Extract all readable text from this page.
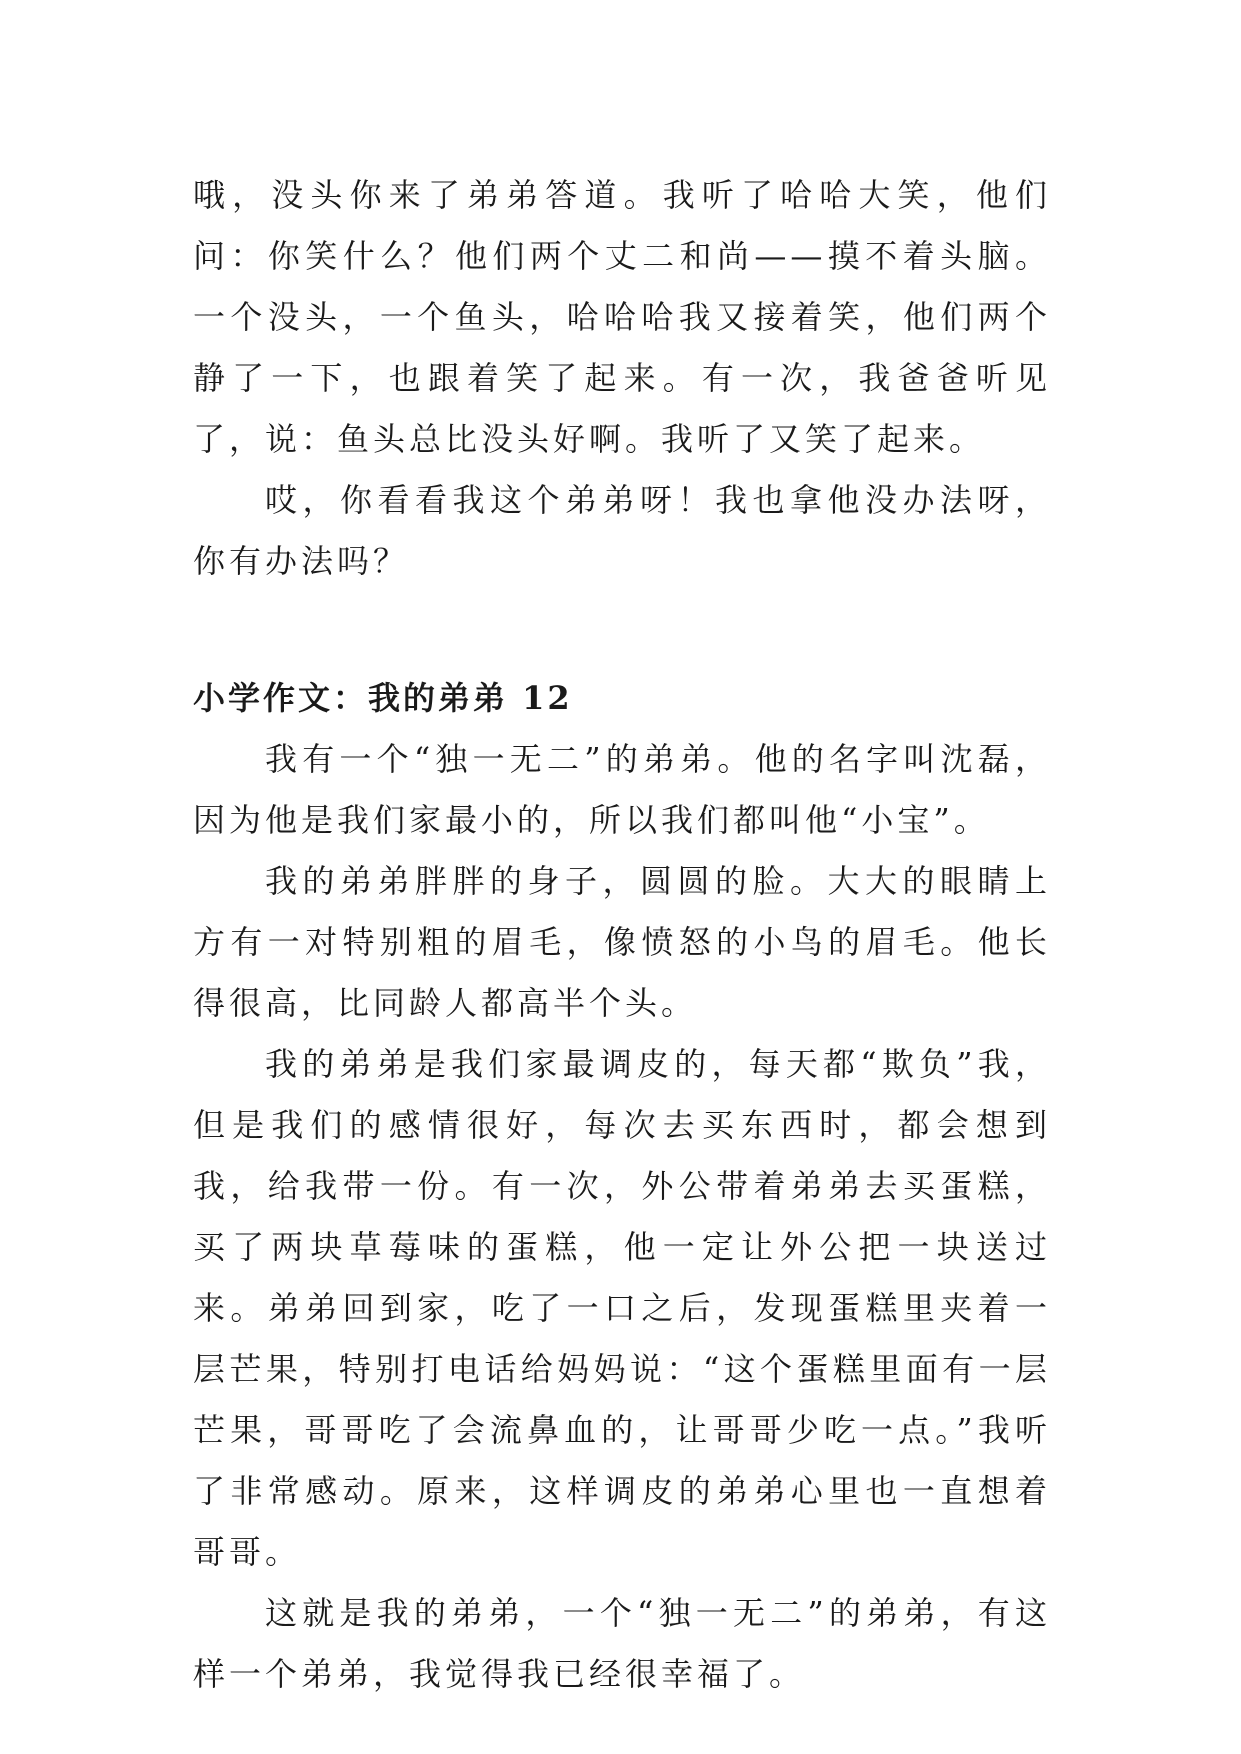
哦，没头你来了弟弟答道。我听了哈哈大笑，他们问：你笑什么？他们两个丈二和尚——摸不着头脑。一个没头，一个鱼头，哈哈哈我又接着笑，他们两个静了一下，也跟着笑了起来。有一次，我爸爸听见了，说：鱼头总比没头好啊。我听了又笑了起来。

哎，你看看我这个弟弟呀！我也拿他没办法呀，你有办法吗？

小学作文：我的弟弟 12

我有一个“独一无二”的弟弟。他的名字叫沈磊，因为他是我们家最小的，所以我们都叫他“小宝”。

我的弟弟胖胖的身子，圆圆的脸。大大的眼睛上方有一对特别粗的眉毛，像愤怒的小鸟的眉毛。他长得很高，比同龄人都高半个头。

我的弟弟是我们家最调皮的，每天都“欺负”我，但是我们的感情很好，每次去买东西时，都会想到我，给我带一份。有一次，外公带着弟弟去买蛋糕，买了两块草莓味的蛋糕，他一定让外公把一块送过来。弟弟回到家，吃了一口之后，发现蛋糕里夹着一层芒果，特别打电话给妈妈说：“这个蛋糕里面有一层芒果，哥哥吃了会流鼻血的，让哥哥少吃一点。”我听了非常感动。原来，这样调皮的弟弟心里也一直想着哥哥。

这就是我的弟弟，一个“独一无二”的弟弟，有这样一个弟弟，我觉得我已经很幸福了。
